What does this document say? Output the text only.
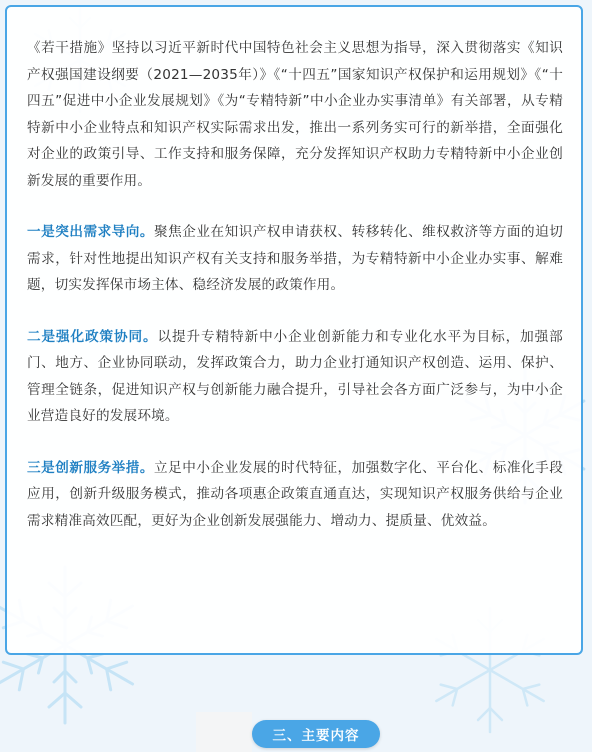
《若干措施》坚持以习近平新时代中国特色社会主义思想为指导，深入贯彻落实《知识产权强国建设纲要（2021—2035年）》《“十四五”国家知识产权保护和运用规划》《“十四五”促进中小企业发展规划》《为“专精特新”中小企业办实事清单》有关部署，从专精特新中小企业特点和知识产权实际需求出发，推出一系列务实可行的新举措，全面强化对企业的政策引导、工作支持和服务保障，充分发挥知识产权助力专精特新中小企业创新发展的重要作用。

一是突出需求导向。聚焦企业在知识产权申请获权、转移转化、维权救济等方面的迫切需求，针对性地提出知识产权有关支持和服务举措，为专精特新中小企业办实事、解难题，切实发挥保市场主体、稳经济发展的政策作用。

二是强化政策协同。以提升专精特新中小企业创新能力和专业化水平为目标，加强部门、地方、企业协同联动，发挥政策合力，助力企业打通知识产权创造、运用、保护、管理全链条，促进知识产权与创新能力融合提升，引导社会各方面广泛参与，为中小企业营造良好的发展环境。

三是创新服务举措。立足中小企业发展的时代特征，加强数字化、平台化、标准化手段应用，创新升级服务模式，推动各项惠企政策直通直达，实现知识产权服务供给与企业需求精准高效匹配，更好为企业创新发展强能力、增动力、提质量、优效益。

三、主要内容
